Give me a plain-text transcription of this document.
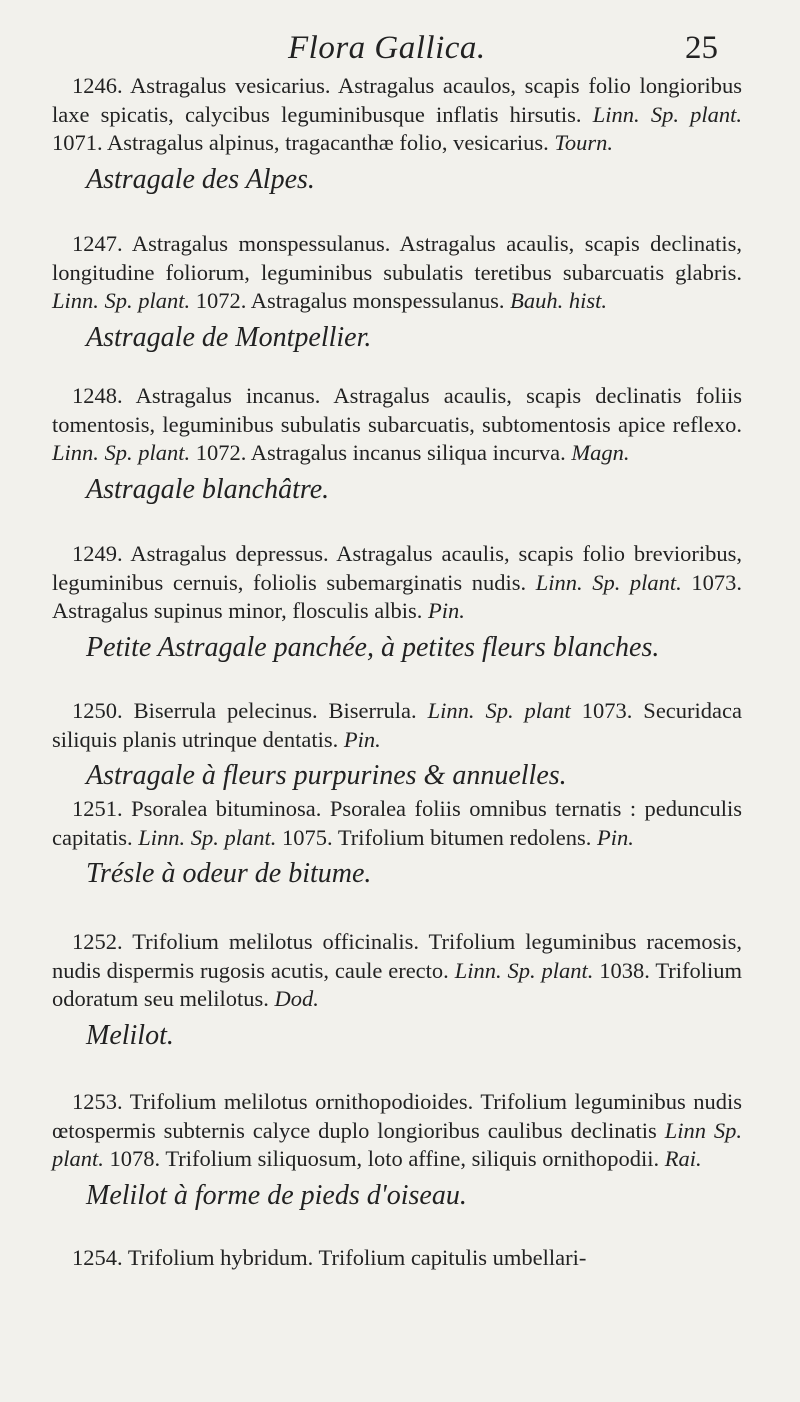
Flora Gallica.	25

1246. Astragalus vesicarius. Astragalus acaulos, scapis folio longioribus laxe spicatis, calycibus leguminibusque inflatis hirsutis. Linn. Sp. plant. 1071. Astragalus alpinus, tragacanthæ folio, vesicarius. Tourn.

Astragale des Alpes.

1247. Astragalus monspessulanus. Astragalus acaulis, scapis declinatis, longitudine foliorum, leguminibus subulatis teretibus subarcuatis glabris. Linn. Sp. plant. 1072. Astragalus monspessulanus. Bauh. hist.

Astragale de Montpellier.

1248. Astragalus incanus. Astragalus acaulis, scapis declinatis foliis tomentosis, leguminibus subulatis subarcuatis, subtomentosis apice reflexo. Linn. Sp. plant. 1072. Astragalus incanus siliqua incurva. Magn.

Astragale blanchâtre.

1249. Astragalus depressus. Astragalus acaulis, scapis folio brevioribus, leguminibus cernuis, foliolis subemarginatis nudis. Linn. Sp. plant. 1073. Astragalus supinus minor, flosculis albis. Pin.

Petite Astragale panchée, à petites fleurs blanches.

1250. Biserrula pelecinus. Biserrula. Linn. Sp. plant 1073. Securidaca siliquis planis utrinque dentatis. Pin.

Astragale à fleurs purpurines & annuelles.

1251. Psoralea bituminosa. Psoralea foliis omnibus ternatis : pedunculis capitatis. Linn. Sp. plant. 1075. Trifolium bitumen redolens. Pin.

Trésle à odeur de bitume.

1252. Trifolium melilotus officinalis. Trifolium leguminibus racemosis, nudis dispermis rugosis acutis, caule erecto. Linn. Sp. plant. 1038. Trifolium odoratum seu melilotus. Dod.

Melilot.

1253. Trifolium melilotus ornithopodioides. Trifolium leguminibus nudis œtospermis subternis calyce duplo longioribus caulibus declinatis Linn Sp. plant. 1078. Trifolium siliquosum, loto affine, siliquis ornithopodii. Rai.

Melilot à forme de pieds d'oiseau.

1254. Trifolium hybridum. Trifolium capitulis umbellari-
